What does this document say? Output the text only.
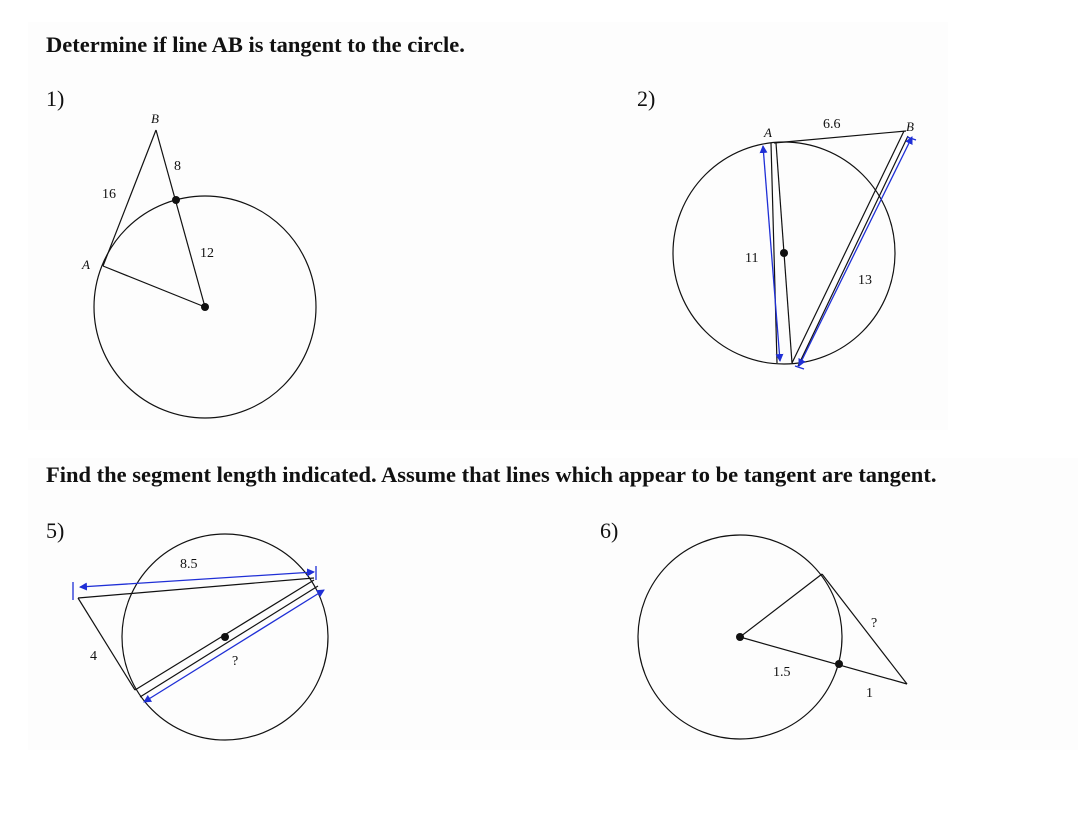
Determine if line AB is tangent to the circle.
Find the segment length indicated. Assume that lines which appear to be tangent are tangent.
1)	2)
5)	6)
B
A
16
8
12
A	B
6.6
11
13
8.5
4	?
1.5
1
?
